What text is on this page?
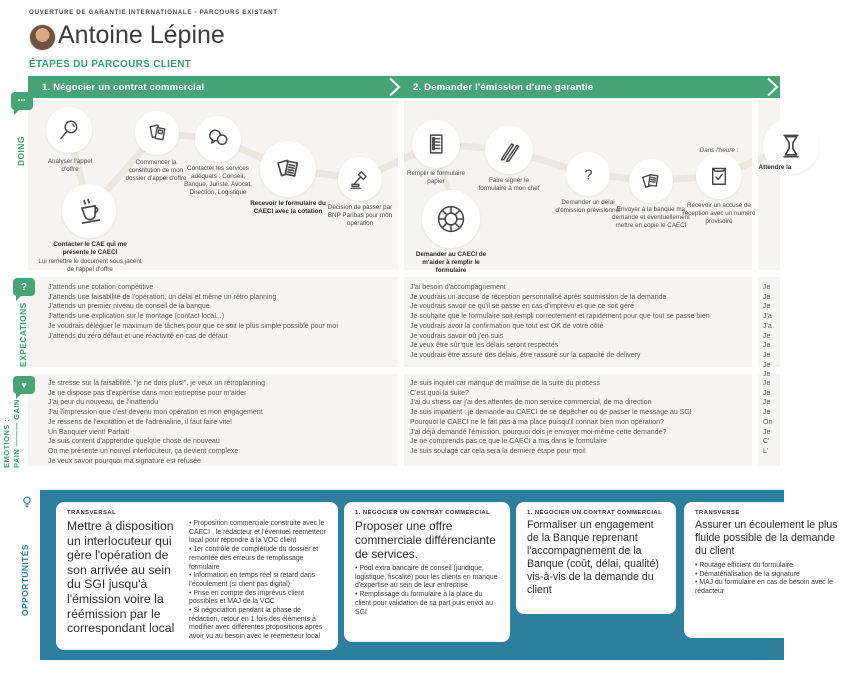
OUVERTURE DE GARANTIE INTERNATIONALE - PARCOURS EXISTANT
Antoine Lépine
ÉTAPES DU PARCOURS CLIENT
1. Négocier un contrat commercial	2. Demander l'émission d'une garantie
•••
DOING
?
EXPECATIONS
♥
EMOTIONS : PAIN ——— GAIN
?
Analyser l'appel d'offre
Contacter le CAE qui me présente le CAECI
Lui remettre le document sous jacent de l'appel d'offre
Commencer la constitution de mon dossier d'appel d'offre
Contacter les services adéquats : Conseil, Banque, Juriste, Avocat, Direction, Logistique
Recevoir le formulaire du CAECI avec la cotation
Décision de passer par BNP Paribas pour mon opération
Remplir le formulaire papier
Demander au CAECI de m'aider à remplir le formulaire
Faire signer le formulaire à mon chef
Demander un délai d'émission prévisionnel
Envoyer à la banque ma demande et éventuellement mettre en copie le CAECI
Dans l'heure :
Recevoir un accusé de réception avec un numéro provisoire
Attendre la
J'attends une cotation compétitive
J'attends une faisabilité de l'opération, un délai et même un rétro planning
J'attends un premier niveau de conseil de la banque
J'attends une explication sur le montage (contact local...)
Je voudrais déléguer le maximum de tâches pour que ce soit le plus simple possible pour moi
J'attends du zéro défaut et une réactivité en cas de défaut
J'ai besoin d'accompagnement
Je voudrais un accusé de réception personnalisé après soumission de la demande
Je voudrais savoir ce qu'il se passe en cas d'imprévu et que ce soit géré
Je souhaite que le formulaire soit rempli correctement et rapidement pour que tout se passe bien
Je voudrais avoir la confirmation que tout est OK de votre côté
Je voudrais savoir où j'en suis
Je veux être sûr que les délais seront respectés
Je voudrais être assuré des délais, être rassuré sur la capacité de delivery
Je
Je
Je
J'a
J'a
Je
Je
Je
Je
Je
Je stresse sur la faisabilité, "je ne dors plus!", je veux un rétroplanning
Je ne dispose pas d'expertise dans mon entreprise pour m'aider
J'ai peur du nouveau, de l'inattendu
J'ai l'impression que c'est devenu mon opération et mon engagement
Je ressens de l'excitation et de l'adrénaline, il faut faire vite!
Un Banquier vient! Parfait!
Je suis content d'apprendre quelque chose de nouveau
On me présente un nouvel interlocuteur, ça devient complexe
Je veux savoir pourquoi ma signature est refusée
Je suis inquiet car manque de maîtrise de la suite du process
C'est quoi la suite?
J'ai du stress car j'ai des attentes de mon service commercial, de ma direction
Je suis impatient : je demande au CAECI de se dépêcher ou de passer le message au SGI
Pourquoi le CAECI ne le fait pas à ma place puisqu'il connait bien mon opération?
J'ai déjà demandé l'émission, pourquoi dois je envoyer moi-même cette demande?
Je ne comprends pas ce que le CAECI a mis dans le formulaire
Je suis soulagé car cela sera la dernière étape pour moi!
Je
Je
Je
Je
On
Je
C'
L'
OPPORTUNITÉS
TRANSVERSAL
Mettre à disposition un interlocuteur qui gère l'opération de son arrivée au sein du SGI jusqu'à l'émission voire la réémission par le correspondant local
• Proposition commerciale construite avec le CAECI , le rédacteur et l'éventuel réemetteur local pour répondre à la VOC client
• 1er contrôle de complétude du dossier et remontée des erreurs de remplissage formulaire
• Information en temps réel si retard dans l'écoulement (si client pas digital)
• Prise en compte des imprévus client possibles et MAJ de la VOC
• Si négociation pendant la phase de rédaction, retour en 1 fois des éléments à modifier avec différentes propositions après avoir vu au besoin avec le réemetteur local
1. NÉGOCIER UN CONTRAT COMMERCIAL
Proposer une offre commerciale différenciante de services.
• Pool extra bancaire de conseil (juridique, logistique, fiscalité) pour les clients en manque d'expertise au sein de leur entreprise
• Remplissage du formulaire à la place du client pour validation de sa part puis envoi au SGI
1. NÉGOCIER UN CONTRAT COMMERCIAL
Formaliser un engagement de la Banque reprenant l'accompagnement de la Banque (coût, délai, qualité) vis-à-vis de la demande du client
TRANSVERSE
Assurer un écoulement le plus fluide possible de la demande du client
• Routage efficient du formulaire
• Dématérialisation de la signature
• MAJ du formulaire en cas de besoin avec le rédacteur
